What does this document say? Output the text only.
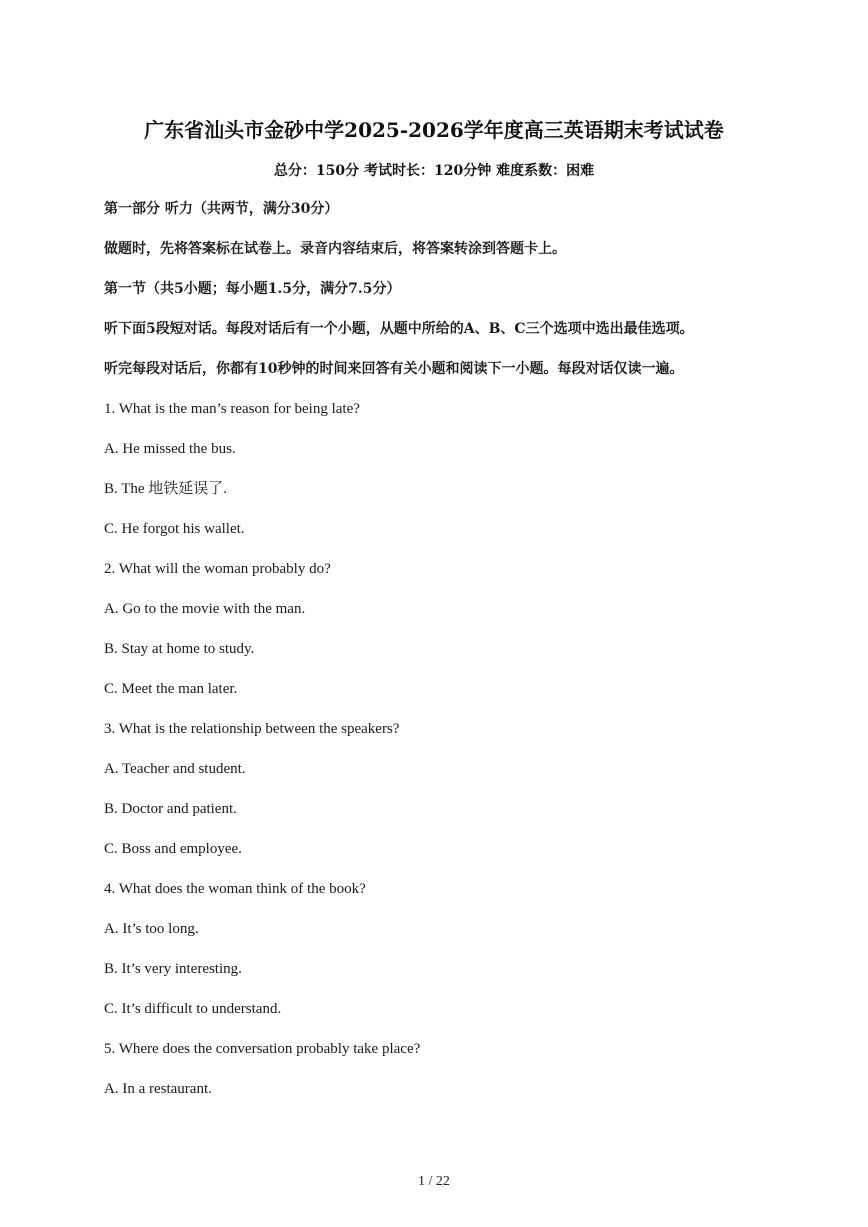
广东省汕头市金砂中学2025-2026学年度高三英语期末考试试卷
总分：150分 考试时长：120分钟 难度系数：困难
第一部分 听力（共两节，满分30分）
做题时，先将答案标在试卷上。录音内容结束后，将答案转涂到答题卡上。
第一节（共5小题；每小题1.5分，满分7.5分）
听下面5段短对话。每段对话后有一个小题，从题中所给的A、B、C三个选项中选出最佳选项。
听完每段对话后，你都有10秒钟的时间来回答有关小题和阅读下一小题。每段对话仅读一遍。
1. What is the man’s reason for being late?
A. He missed the bus.
B. The 地铁延误了.
C. He forgot his wallet.
2. What will the woman probably do?
A. Go to the movie with the man.
B. Stay at home to study.
C. Meet the man later.
3. What is the relationship between the speakers?
A. Teacher and student.
B. Doctor and patient.
C. Boss and employee.
4. What does the woman think of the book?
A. It’s too long.
B. It’s very interesting.
C. It’s difficult to understand.
5. Where does the conversation probably take place?
A. In a restaurant.
1 / 22
